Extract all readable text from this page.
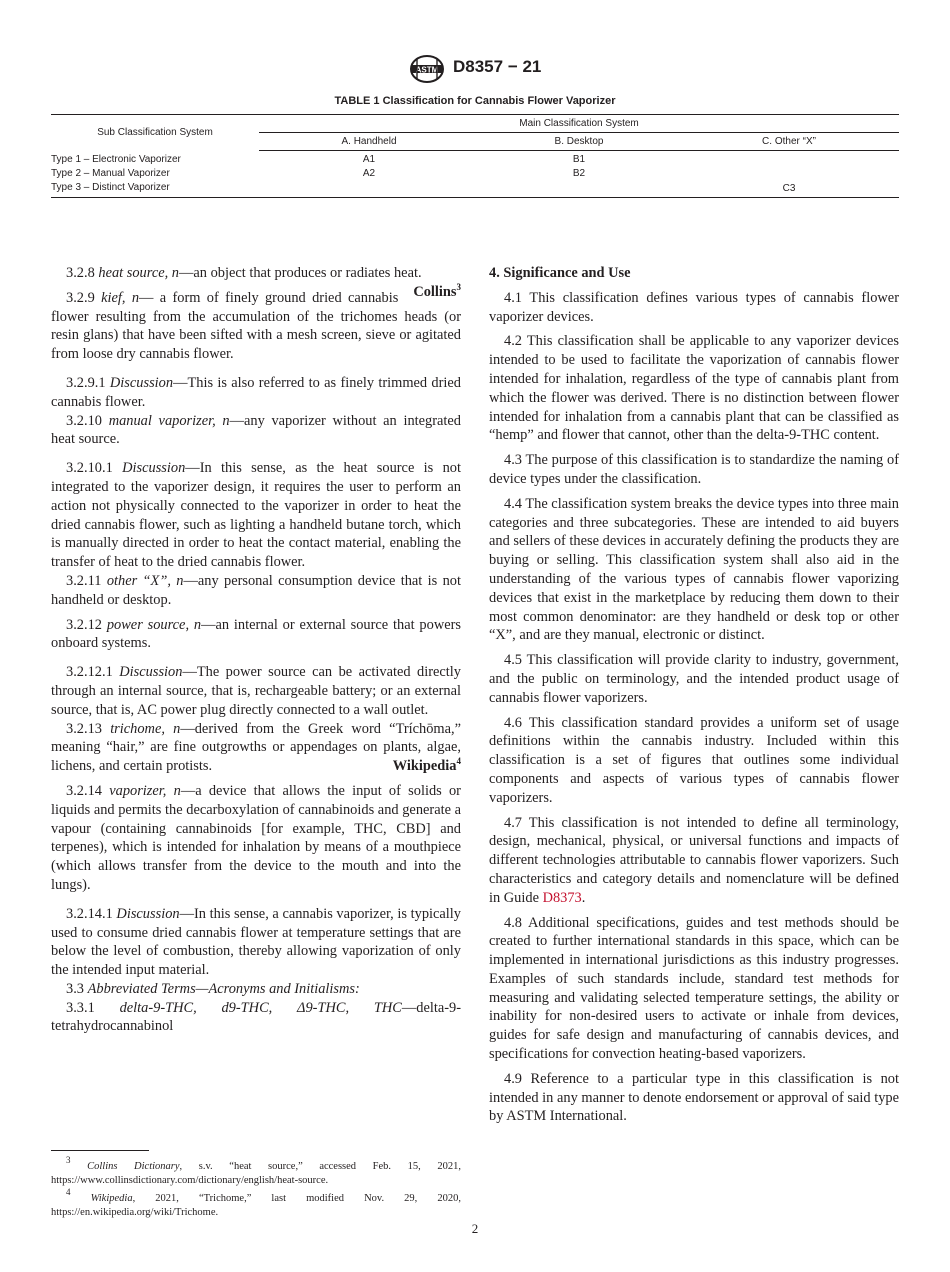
ASTM D8357 − 21
TABLE 1 Classification for Cannabis Flower Vaporizer
Sub Classification System	Main Classification System		
	A. Handheld	B. Desktop	C. Other “X”
Type 1 – Electronic Vaporizer	A1	B1	
Type 2 – Manual Vaporizer	A2	B2	
Type 3 – Distinct Vaporizer			C3

3.2.8 heat source, n—an object that produces or radiates heat.
Collins$^3$

3.2.9 kief, n— a form of finely ground dried cannabis flower resulting from the accumulation of the trichomes heads (or resin glans) that have been sifted with a mesh screen, sieve or agitated from loose dry cannabis flower.

3.2.9.1 Discussion—This is also referred to as finely trimmed dried cannabis flower.

3.2.10 manual vaporizer, n—any vaporizer without an integrated heat source.

3.2.10.1 Discussion—In this sense, as the heat source is not integrated to the vaporizer design, it requires the user to perform an action not physically connected to the vaporizer in order to heat the dried cannabis flower, such as lighting a handheld butane torch, which is manually directed in order to heat the contact material, enabling the transfer of heat to the dried cannabis flower.

3.2.11 other “X”, n—any personal consumption device that is not handheld or desktop.

3.2.12 power source, n—an internal or external source that powers onboard systems.

3.2.12.1 Discussion—The power source can be activated directly through an internal source, that is, rechargeable battery; or an external source, that is, AC power plug directly connected to a wall outlet.

3.2.13 trichome, n—derived from the Greek word “Tríchōma,” meaning “hair,” are fine outgrowths or appendages on plants, algae, lichens, and certain protists.	Wikipedia$^4$

3.2.14 vaporizer, n—a device that allows the input of solids or liquids and permits the decarboxylation of cannabinoids and generate a vapour (containing cannabinoids [for example, THC, CBD] and terpenes), which is intended for inhalation by means of a mouthpiece (which allows transfer from the device to the mouth and into the lungs).

3.2.14.1 Discussion—In this sense, a cannabis vaporizer, is typically used to consume dried cannabis flower at temperature settings that are below the level of combustion, thereby allowing vaporization of only the intended input material.

3.3 Abbreviated Terms—Acronyms and Initialisms:

3.3.1 delta-9-THC, d9-THC, Δ9-THC, THC—delta-9-tetrahydrocannabinol

4. Significance and Use

4.1 This classification defines various types of cannabis flower vaporizer devices.

4.2 This classification shall be applicable to any vaporizer devices intended to be used to facilitate the vaporization of cannabis flower intended for inhalation, regardless of the type of cannabis plant from which the flower was derived. There is no distinction between flower intended for inhalation from a cannabis plant that can be classified as “hemp” and flower that cannot, other than the delta-9-THC content.

4.3 The purpose of this classification is to standardize the naming of device types under the classification.

4.4 The classification system breaks the device types into three main categories and three subcategories. These are intended to aid buyers and sellers of these devices in accurately defining the products they are buying or selling. This classification system shall also aid in the understanding of the various types of cannabis flower vaporizing devices that exist in the marketplace by reducing them down to their most common denominator: are they handheld or desk top or other “X”, and are they manual, electronic or distinct.

4.5 This classification will provide clarity to industry, government, and the public on terminology, and the intended product usage of cannabis flower vaporizers.

4.6 This classification standard provides a uniform set of usage definitions within the cannabis industry. Included within this classification is a set of figures that outlines some individual components and aspects of various types of cannabis flower vaporizers.

4.7 This classification is not intended to define all terminology, design, mechanical, physical, or universal functions and impacts of different technologies attributable to cannabis flower vaporizers. Such characteristics and category details and nomenclature will be defined in Guide D8373.

4.8 Additional specifications, guides and test methods should be created to further international standards in this space, which can be implemented in international jurisdictions as this industry progresses. Examples of such standards include, standard test methods for measuring and validating selected temperature settings, the ability or inability for non-desired users to activate or inhale from devices, guides for safe design and manufacturing of cannabis devices, and specifications for convection heating-based vaporizers.

4.9 Reference to a particular type in this classification is not intended in any manner to denote endorsement or approval of said type by ASTM International.

$^3$ Collins Dictionary, s.v. “heat source,” accessed Feb. 15, 2021, https://www.collinsdictionary.com/dictionary/english/heat-source.

$^4$ Wikipedia, 2021, “Trichome,” last modified Nov. 29, 2020, https://en.wikipedia.org/wiki/Trichome.

2
